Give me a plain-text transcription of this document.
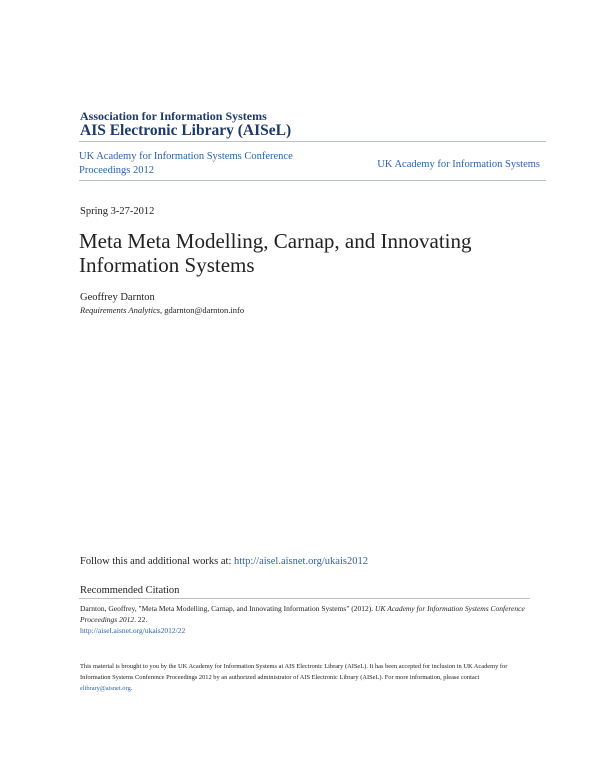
Association for Information Systems
AIS Electronic Library (AISeL)
UK Academy for Information Systems Conference Proceedings 2012
UK Academy for Information Systems
Spring 3-27-2012
Meta Meta Modelling, Carnap, and Innovating Information Systems
Geoffrey Darnton
Requirements Analytics, gdarnton@darnton.info
Follow this and additional works at: http://aisel.aisnet.org/ukais2012
Recommended Citation
Darnton, Geoffrey, "Meta Meta Modelling, Carnap, and Innovating Information Systems" (2012). UK Academy for Information Systems Conference Proceedings 2012. 22.
http://aisel.aisnet.org/ukais2012/22
This material is brought to you by the UK Academy for Information Systems at AIS Electronic Library (AISeL). It has been accepted for inclusion in UK Academy for Information Systems Conference Proceedings 2012 by an authorized administrator of AIS Electronic Library (AISeL). For more information, please contact elibrary@aisnet.org.
